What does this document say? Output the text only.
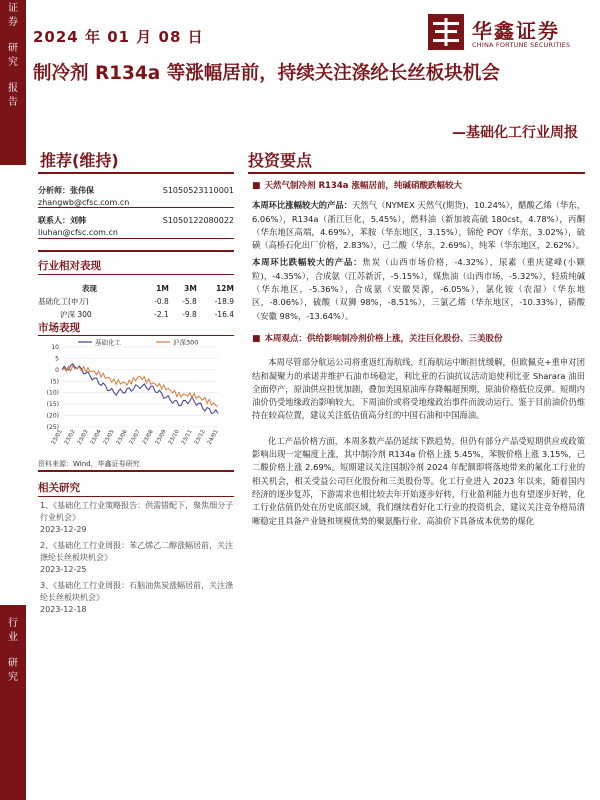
证
券
研
究
报
告
行
业
研
究
2024 年 01 月 08 日	华鑫证券
CHINA FORTUNE SECURITIES
制冷剂 R134a 等涨幅居前，持续关注涤纶长丝板块机会
—基础化工行业周报
推荐(维持)	投资要点
分析师：张伟保	S1050523110001
zhangwb@cfsc.com.cn
联系人：刘韩	S1050122080022
liuhan@cfsc.com.cn
行业相对表现
表现	1M	3M	12M
基础化工(申万)	-0.8	-5.8	-18.9
沪深 300	-2.1	-9.8	-16.4
市场表现
10
5
0
(5)
(10)
(15)
(20)
(25)
23/01 23/02 23/03 23/04 23/05 23/06 23/07 23/08 23/09 23/10 23/11 23/12 24/01
基础化工	沪深300
资料来源：Wind，华鑫证券研究
相关研究
1、《基础化工行业策略报告：供需错配下，聚焦细分子行业机会》
2023-12-29
2、《基础化工行业周报：苯乙烯乙二醇涨幅居前，关注涤纶长丝板块机会》
2023-12-25
3、《基础化工行业周报：石脑油焦炭涨幅居前，关注涤纶长丝板块机会》
2023-12-18
■ 天然气制冷剂 R134a 涨幅居前，纯碱硝酸跌幅较大
本周环比涨幅较大的产品：天然气（NYMEX 天然气(期货)，10.24%），醋酸乙烯（华东，6.06%），R134a（浙江巨化，5.45%），燃料油（新加坡高硫 180cst，4.78%），丙酮（华东地区高端，4.69%），苯胺（华东地区，3.15%），锦纶 POY（华东，3.02%），硫磺（高桥石化出厂价格，2.83%），己二酸（华东，2.69%），纯苯（华东地区，2.62%）。
本周环比跌幅较大的产品：焦炭（山西市场价格，-4.32%），尿素（重庆建峰(小颗粒)，-4.35%），合成氨（江苏新沂，-5.15%），煤焦油（山西市场，-5.32%），轻质纯碱（华东地区，-5.36%），合成氨（安徽昊源，-6.05%），氯化铵（农湿）（华东地区，-8.06%），硫酸（双狮 98%，-8.51%），三氯乙烯（华东地区，-10.33%），硝酸（安徽 98%，-13.64%）。
■ 本周观点：供给影响制冷剂价格上涨，关注巨化股份、三美股份
本周尽管部分航运公司将重返红海航线，红海航运中断担忧缓解，但欧佩克+重申对团结和凝聚力的承诺并维护石油市场稳定，利比亚的石油抗议活动迫使利比亚 Sharara 油田全面停产，原油供应担忧加剧，叠加美国原油库存降幅超预期，原油价格低位反弹。短期内油价仍受地缘政治影响较大，下周油价或将受地缘政治事件而波动运行。鉴于目前油价仍维持在较高位置，建议关注低估值高分红的中国石油和中国海油。
化工产品价格方面，本周多数产品仍延续下跌趋势，但仍有部分产品受短期供应或政策影响出现一定幅度上涨，其中制冷剂 R134a 价格上涨 5.45%，苯胺价格上涨 3.15%，己二酸价格上涨 2.69%。短期建议关注国制冷剂 2024 年配额即将落地带来的氟化工行业的相关机会，相关受益公司巨化股份和三美股份等。化工行业进入 2023 年以来，随着国内经济的逐步复苏，下游需求也相比较去年开始逐步好转，行业盈利能力也有望逐步好转，化工行业估值仍处在历史底部区域，我们继续看好化工行业的投资机会，建议关注竞争格局清晰稳定且具备产业链和规模优势的聚氨酯行业、高油价下具备成本优势的煤化
